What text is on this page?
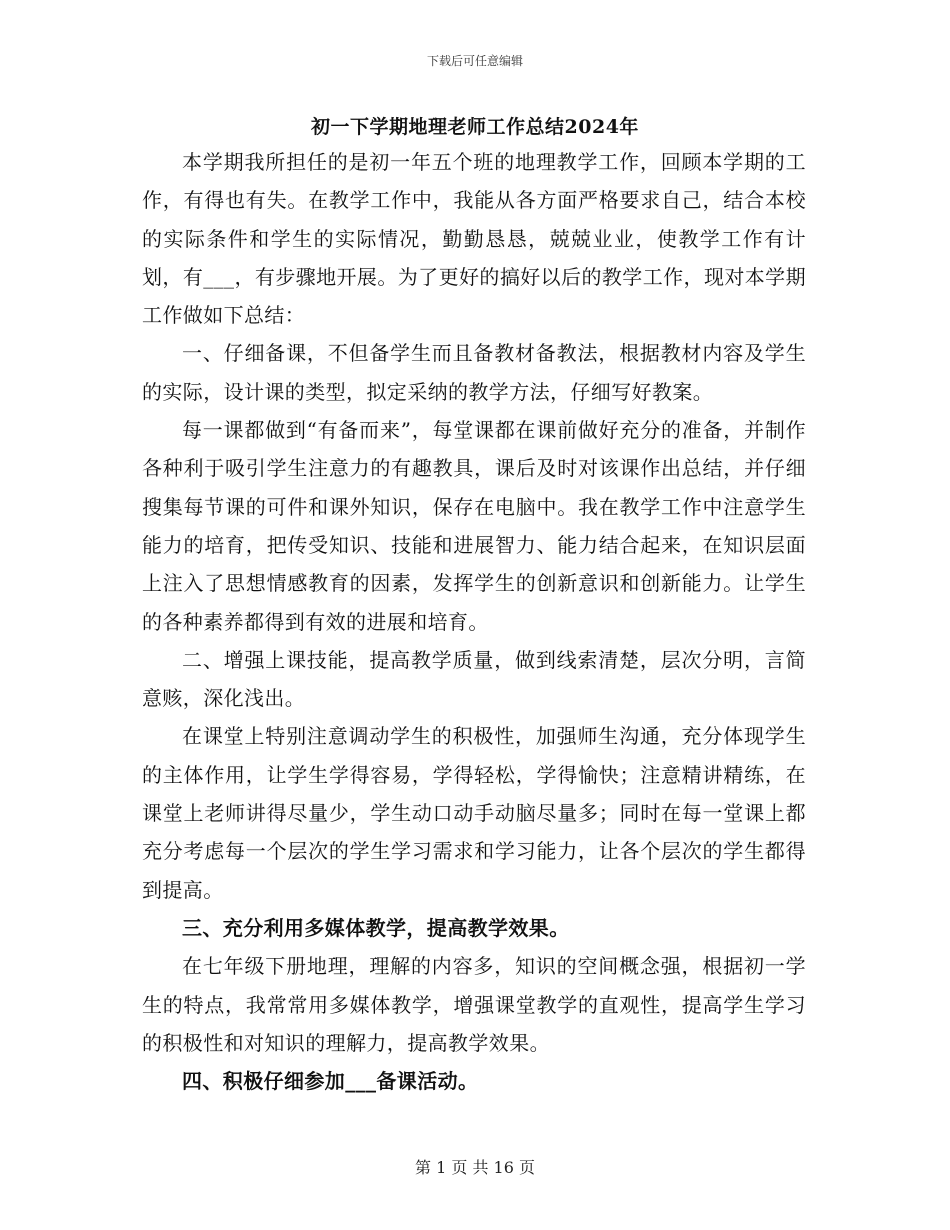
下载后可任意编辑
初一下学期地理老师工作总结2024年

本学期我所担任的是初一年五个班的地理教学工作，回顾本学期的工作，有得也有失。在教学工作中，我能从各方面严格要求自己，结合本校的实际条件和学生的实际情况，勤勤恳恳，兢兢业业，使教学工作有计划，有___，有步骤地开展。为了更好的搞好以后的教学工作，现对本学期工作做如下总结：

一、仔细备课，不但备学生而且备教材备教法，根据教材内容及学生的实际，设计课的类型，拟定采纳的教学方法，仔细写好教案。

每一课都做到“有备而来”，每堂课都在课前做好充分的准备，并制作各种利于吸引学生注意力的有趣教具，课后及时对该课作出总结，并仔细搜集每节课的可件和课外知识，保存在电脑中。我在教学工作中注意学生能力的培育，把传受知识、技能和进展智力、能力结合起来，在知识层面上注入了思想情感教育的因素，发挥学生的创新意识和创新能力。让学生的各种素养都得到有效的进展和培育。

二、增强上课技能，提高教学质量，做到线索清楚，层次分明，言简意赅，深化浅出。

在课堂上特别注意调动学生的积极性，加强师生沟通，充分体现学生的主体作用，让学生学得容易，学得轻松，学得愉快；注意精讲精练，在课堂上老师讲得尽量少，学生动口动手动脑尽量多；同时在每一堂课上都充分考虑每一个层次的学生学习需求和学习能力，让各个层次的学生都得到提高。

三、充分利用多媒体教学，提高教学效果。

在七年级下册地理，理解的内容多，知识的空间概念强，根据初一学生的特点，我常常用多媒体教学，增强课堂教学的直观性，提高学生学习的积极性和对知识的理解力，提高教学效果。

四、积极仔细参加___备课活动。

第 1 页 共 16 页
